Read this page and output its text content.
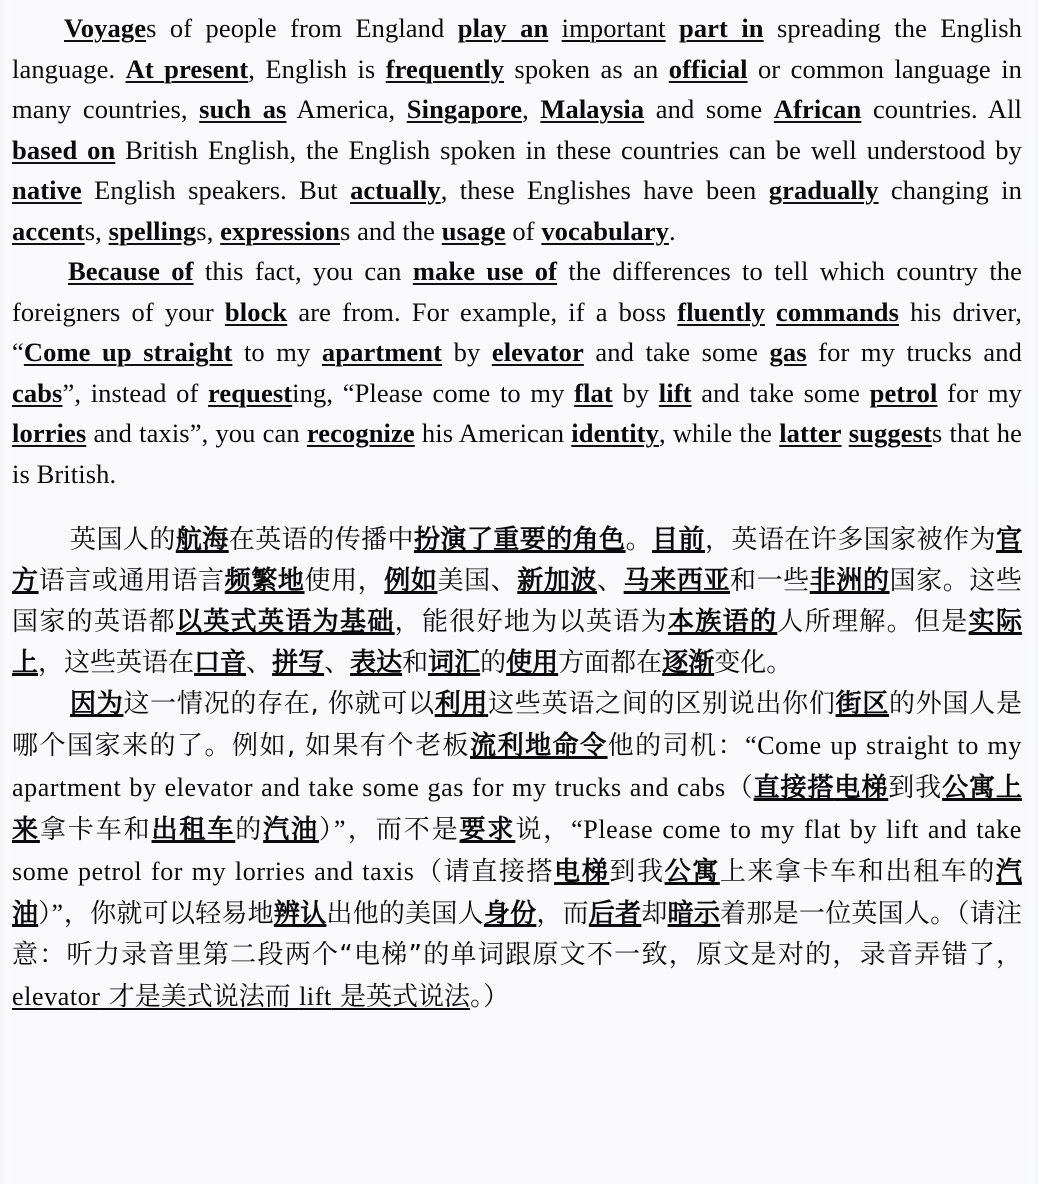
Voyages of people from England play an important part in spreading the English language. At present, English is frequently spoken as an official or common language in many countries, such as America, Singapore, Malaysia and some African countries. All based on British English, the English spoken in these countries can be well understood by native English speakers. But actually, these Englishes have been gradually changing in accents, spellings, expressions and the usage of vocabulary.

Because of this fact, you can make use of the differences to tell which country the foreigners of your block are from. For example, if a boss fluently commands his driver, “Come up straight to my apartment by elevator and take some gas for my trucks and cabs”, instead of requesting, “Please come to my flat by lift and take some petrol for my lorries and taxis”, you can recognize his American identity, while the latter suggests that he is British.

英国人的航海在英语的传播中扮演了重要的角色。目前，英语在许多国家被作为官方语言或通用语言频繁地使用，例如美国、新加波、马来西亚和一些非洲的国家。这些国家的英语都以英式英语为基础，能很好地为以英语为本族语的人所理解。但是实际上，这些英语在口音、拼写、表达和词汇的使用方面都在逐渐变化。

因为这一情况的存在, 你就可以利用这些英语之间的区别说出你们街区的外国人是哪个国家来的了。例如, 如果有个老板流利地命令他的司机：“Come up straight to my apartment by elevator and take some gas for my trucks and cabs（直接搭电梯到我公寓上来拿卡车和出租车的汽油）”，而不是要求说，“Please come to my flat by lift and take some petrol for my lorries and taxis（请直接搭电梯到我公寓上来拿卡车和出租车的汽油）”，你就可以轻易地辨认出他的美国人身份，而后者却暗示着那是一位英国人。（请注意：听力录音里第二段两个“电梯”的单词跟原文不一致，原文是对的，录音弄错了，elevator 才是美式说法而 lift 是英式说法。）
